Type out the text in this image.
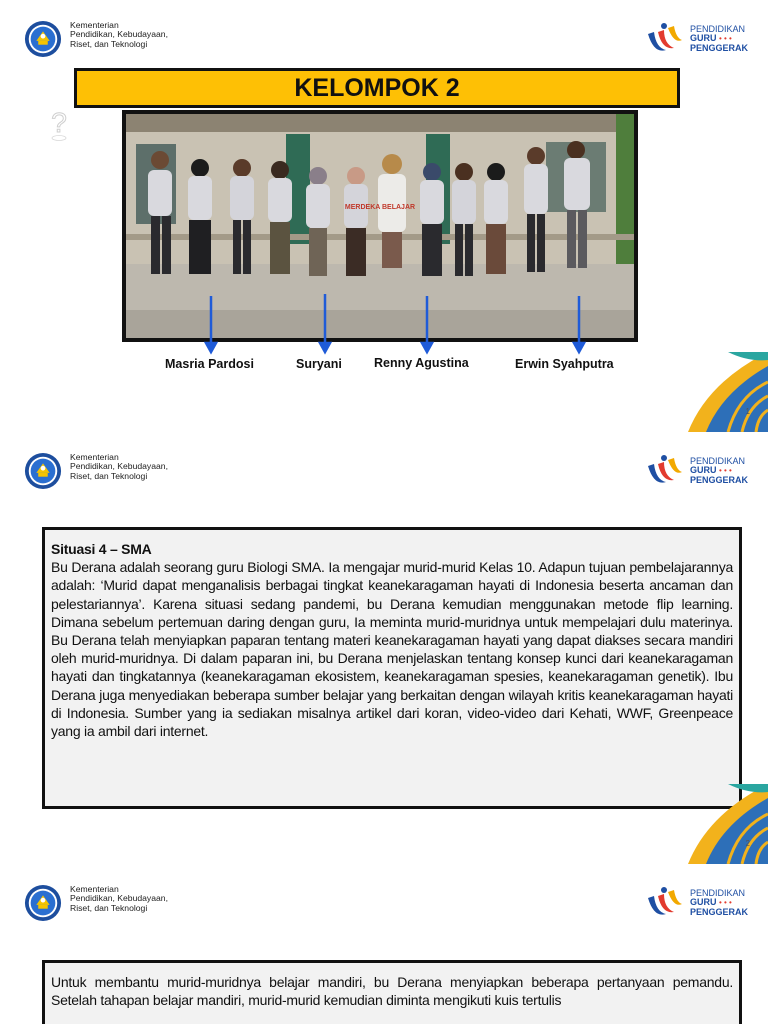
Kementerian
Pendidikan, Kebudayaan,
Riset, dan Teknologi
PENDIDIKAN
GURU • • •
PENGGERAK
KELOMPOK 2
?
MERDEKA BELAJAR
Masria Pardosi	Suryani	Renny Agustina	Erwin Syahputra
1
Kementerian
Pendidikan, Kebudayaan,
Riset, dan Teknologi
PENDIDIKAN
GURU • • •
PENGGERAK
Situasi 4 – SMA
Bu Derana adalah seorang guru Biologi SMA. Ia mengajar murid-murid Kelas 10. Adapun tujuan pembelajarannya adalah: ‘Murid dapat menganalisis berbagai tingkat keanekaragaman hayati di Indonesia beserta ancaman dan pelestariannya’. Karena situasi sedang pandemi, bu Derana kemudian menggunakan metode flip learning. Dimana sebelum pertemuan daring dengan guru, Ia meminta murid-muridnya untuk mempelajari dulu materinya. Bu Derana telah menyiapkan paparan tentang materi keanekaragaman hayati yang dapat diakses secara mandiri oleh murid-muridnya. Di dalam paparan ini, bu Derana menjelaskan tentang konsep kunci dari keanekaragaman hayati dan tingkatannya (keanekaragaman ekosistem, keanekaragaman spesies, keanekaragaman genetik). Ibu Derana juga menyediakan beberapa sumber belajar yang berkaitan dengan wilayah kritis keanekaragaman hayati di Indonesia. Sumber yang ia sediakan misalnya artikel dari koran, video-video dari Kehati, WWF, Greenpeace yang ia ambil dari internet.
2
Kementerian
Pendidikan, Kebudayaan,
Riset, dan Teknologi
PENDIDIKAN
GURU • • •
PENGGERAK
Untuk membantu murid-muridnya belajar mandiri, bu Derana menyiapkan beberapa pertanyaan pemandu. Setelah tahapan belajar mandiri, murid-murid kemudian diminta mengikuti kuis tertulis
